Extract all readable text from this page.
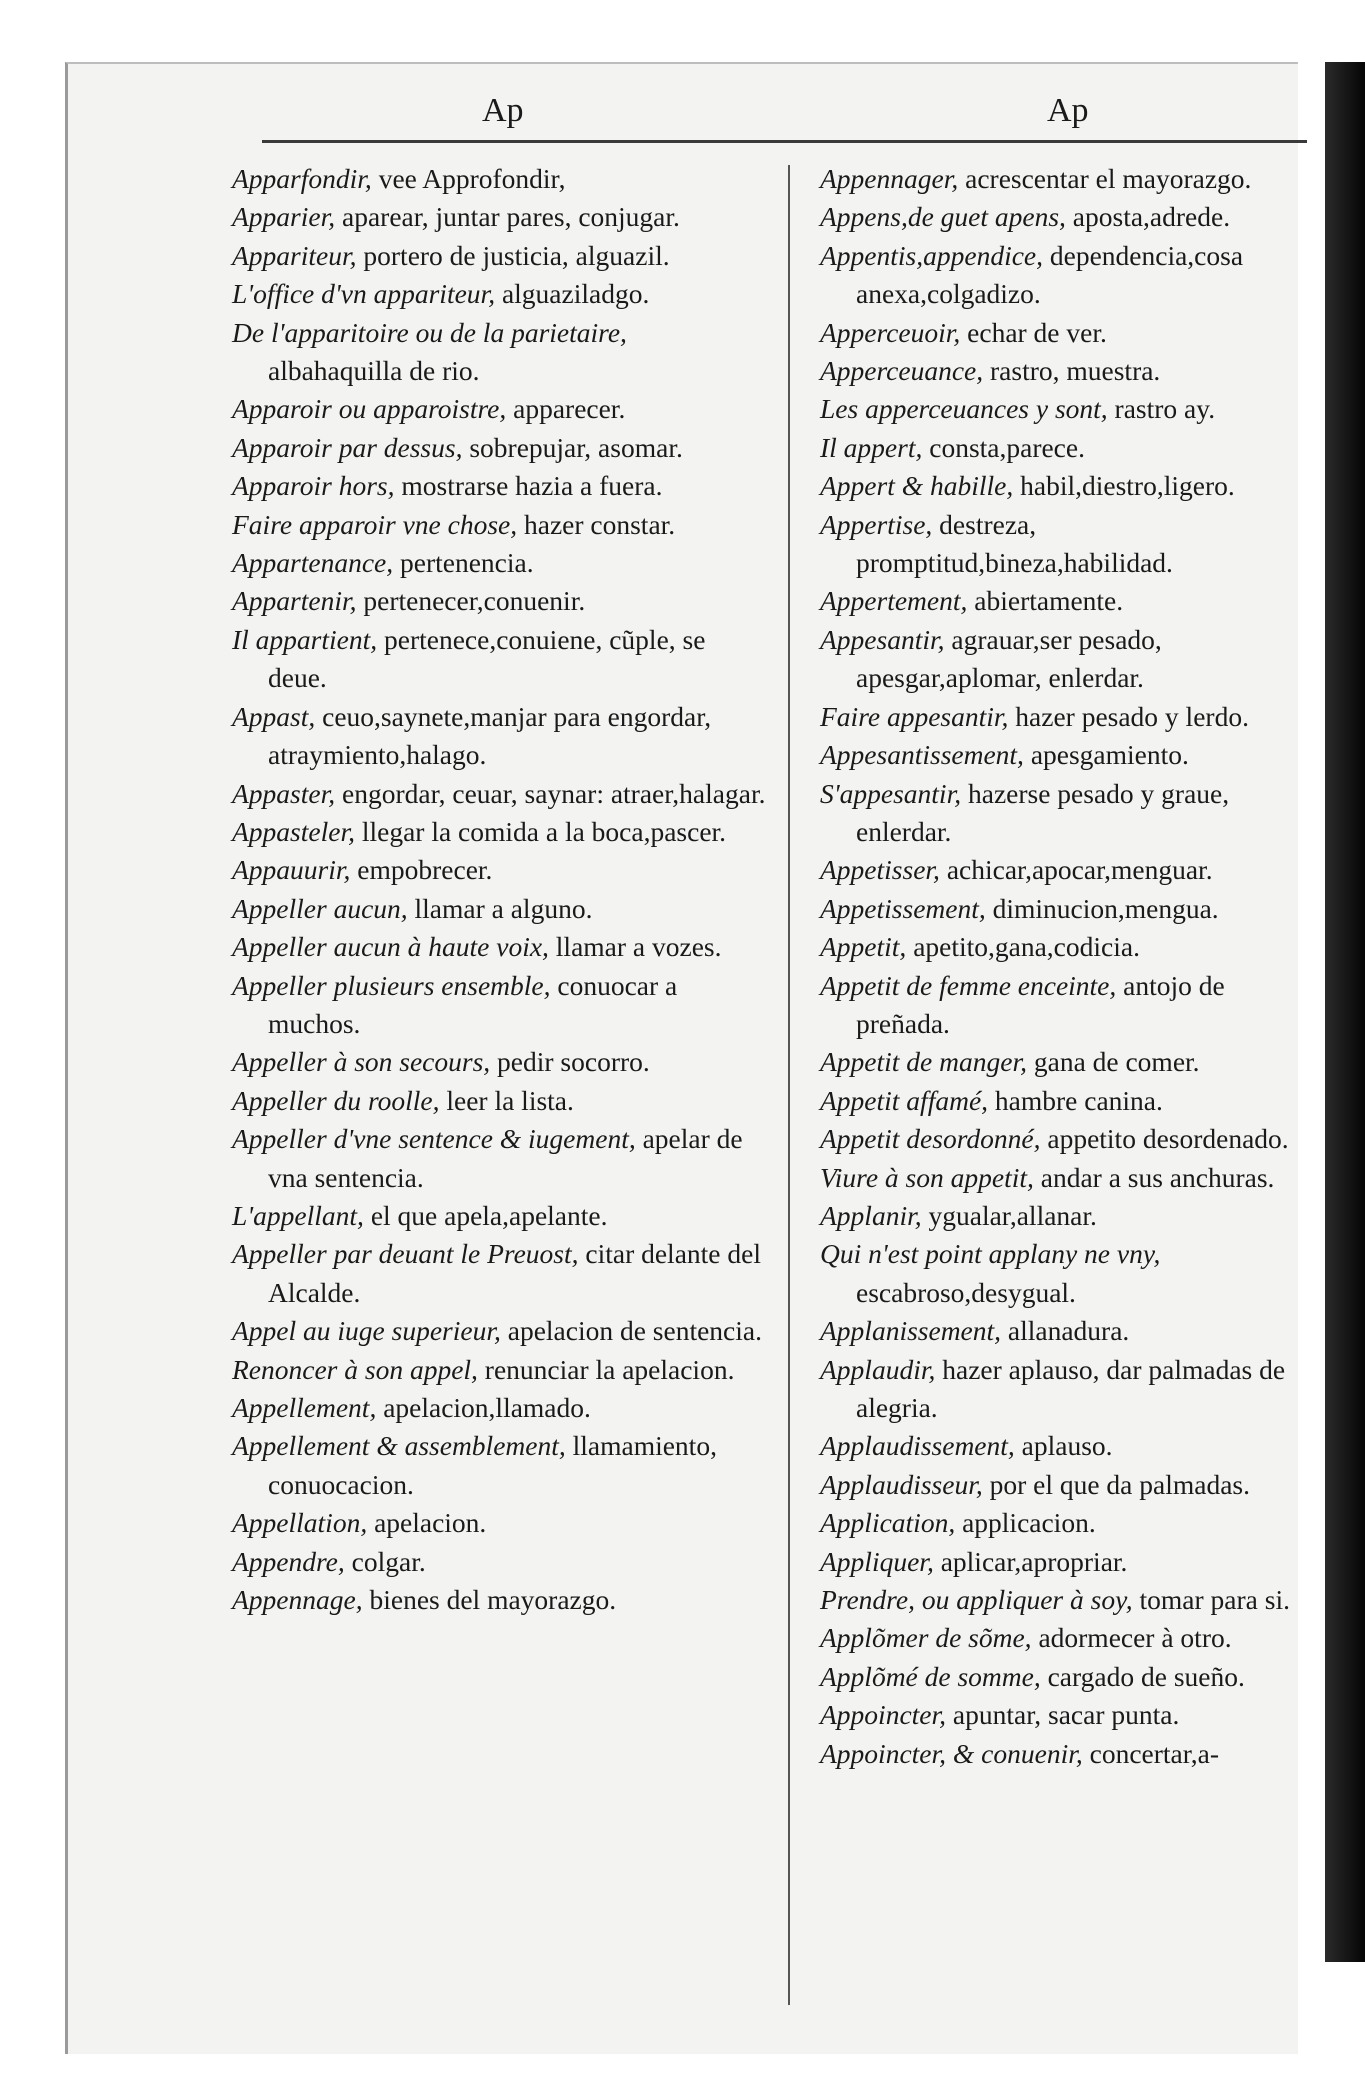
Ap	Ap

Apparfondir, vee Approfondir,

Apparier, aparear, juntar pares, conjugar.

Appariteur, portero de justicia, alguazil.

L'office d'vn appariteur, alguaziladgo.

De l'apparitoire ou de la parietaire, albahaquilla de rio.

Apparoir ou apparoistre, apparecer.

Apparoir par dessus, sobrepujar, asomar.

Apparoir hors, mostrarse hazia a fuera.

Faire apparoir vne chose, hazer constar.

Appartenance, pertenencia.

Appartenir, pertenecer,conuenir.

Il appartient, pertenece,conuiene, cũple, se deue.

Appast, ceuo,saynete,manjar para engordar, atraymiento,halago.

Appaster, engordar, ceuar, saynar: atraer,halagar.

Appasteler, llegar la comida a la boca,pascer.

Appauurir, empobrecer.

Appeller aucun, llamar a alguno.

Appeller aucun à haute voix, llamar a vozes.

Appeller plusieurs ensemble, conuocar a muchos.

Appeller à son secours, pedir socorro.

Appeller du roolle, leer la lista.

Appeller d'vne sentence & iugement, apelar de vna sentencia.

L'appellant, el que apela,apelante.

Appeller par deuant le Preuost, citar delante del Alcalde.

Appel au iuge superieur, apelacion de sentencia.

Renoncer à son appel, renunciar la apelacion.

Appellement, apelacion,llamado.

Appellement & assemblement, llamamiento, conuocacion.

Appellation, apelacion.

Appendre, colgar.

Appennage, bienes del mayorazgo.

Appennager, acrescentar el mayorazgo.

Appens,de guet apens, aposta,adrede.

Appentis,appendice, dependencia,cosa anexa,colgadizo.

Apperceuoir, echar de ver.

Apperceuance, rastro, muestra.

Les apperceuances y sont, rastro ay.

Il appert, consta,parece.

Appert & habille, habil,diestro,ligero.

Appertise, destreza, promptitud,bineza,habilidad.

Appertement, abiertamente.

Appesantir, agrauar,ser pesado, apesgar,aplomar, enlerdar.

Faire appesantir, hazer pesado y lerdo.

Appesantissement, apesgamiento.

S'appesantir, hazerse pesado y graue, enlerdar.

Appetisser, achicar,apocar,menguar.

Appetissement, diminucion,mengua.

Appetit, apetito,gana,codicia.

Appetit de femme enceinte, antojo de preñada.

Appetit de manger, gana de comer.

Appetit affamé, hambre canina.

Appetit desordonné, appetito desordenado.

Viure à son appetit, andar a sus anchuras.

Applanir, ygualar,allanar.

Qui n'est point applany ne vny, escabroso,desygual.

Applanissement, allanadura.

Applaudir, hazer aplauso, dar palmadas de alegria.

Applaudissement, aplauso.

Applaudisseur, por el que da palmadas.

Application, applicacion.

Appliquer, aplicar,apropriar.

Prendre, ou appliquer à soy, tomar para si.

Applõmer de sõme, adormecer à otro.

Applõmé de somme, cargado de sueño.

Appoincter, apuntar, sacar punta.

Appoincter, & conuenir, concertar,a-
